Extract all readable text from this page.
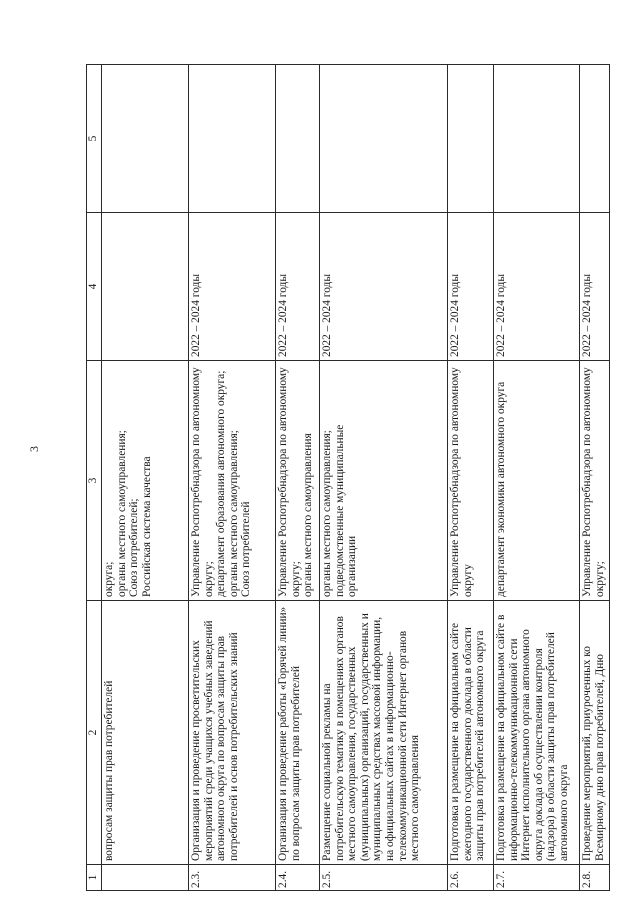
3
1	2	3	4	5
	вопросам защиты прав потребителей	округа; органы местного самоуправления; Союз потребителей; Российская система качества		

2.3.	Организация и проведение просветительских мероприятий среди учащихся учебных заведений автономного округа по вопросам защиты прав потребителей и основ потребительских знаний	Управление Роспотребнадзора по автономному округу; департамент образования автономного округа; органы местного самоуправления; Союз потребителей	2022 – 2024 годы	
2.4.	Организация и проведение работы «Горячей линии» по вопросам защиты прав потребителей	Управление Роспотребнадзора по автономному округу; органы местного самоуправления	2022 – 2024 годы	
2.5.	Размещение социальной рекламы на потребительскую тематику в помещениях органов местного самоуправления, государственных (муниципальных) организаций, государственных и муниципальных средствах массовой информации, на официальных сайтах в информационно-телекоммуникационной сети Интернет органов местного самоуправления	органы местного самоуправления; подведомственные муниципальные организации	2022 – 2024 годы	
2.6.	Подготовка и размещение на официальном сайте ежегодного государственного доклада в области защиты прав потребителей автономного округа	Управление Роспотребнадзора по автономному округу	2022 – 2024 годы	
2.7.	Подготовка и размещение на официальном сайте в информационно-телекоммуникационной сети Интернет исполнительного органа автономного округа доклада об осуществлении контроля (надзора) в области защиты прав потребителей автономного округа	департамент экономики автономного округа	2022 – 2024 годы	
2.8.	Проведение мероприятий, приуроченных ко Всемирному дню прав потребителей, Дню	Управление Роспотребнадзора по автономному округу;	2022 – 2024 годы	
